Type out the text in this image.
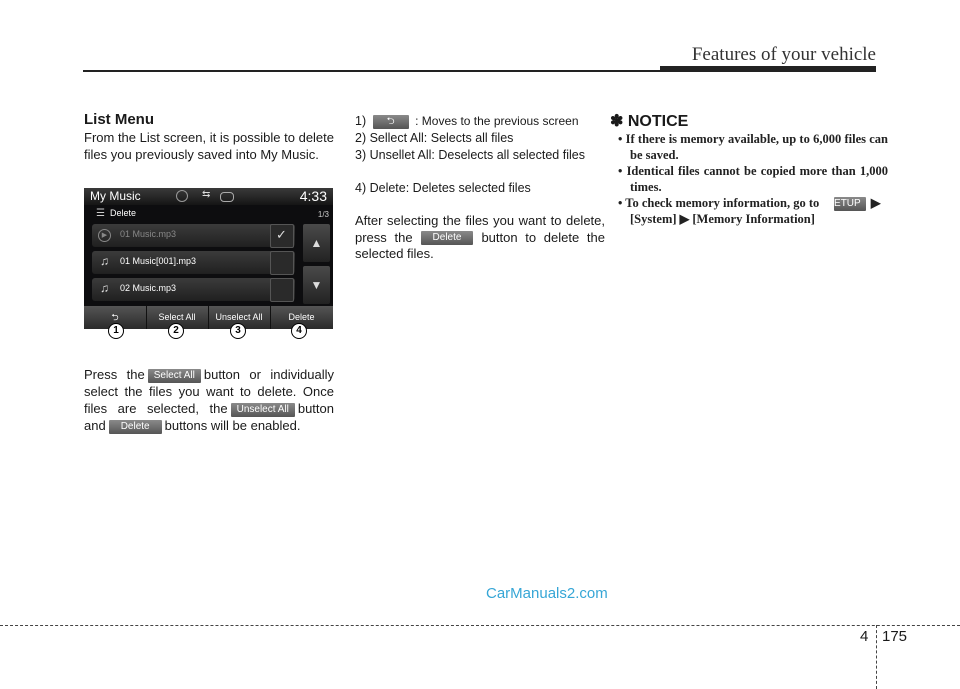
Features of your vehicle
List Menu
From the List screen, it is possible to delete files you previously saved into My Music.
My Music	⇆	4:33
☰ Delete	1/3
▶	01 Music.mp3	✓
♫ 01 Music[001].mp3
♫ 02 Music.mp3
▲
▼
⮌	Select All	Unselect All	Delete
1	2	3	4
Press the Select All button or individually select the files you want to delete. Once files are selected, the Unselect All button and Delete buttons will be enabled.
1) ⮌ : Moves to the previous screen
2) Sellect All: Selects all files
3) Unsellet All: Deselects all selected files
4) Delete: Deletes selected files
After selecting the files you want to delete, press the Delete button to delete the selected files.
✽ NOTICE
• If there is memory available, up to 6,000 files can be saved.
• Identical files cannot be copied more than 1,000 times.
• To check memory information, go to SETUP ▶ [System] ▶ [Memory Information]
CarManuals2.com
4 175
